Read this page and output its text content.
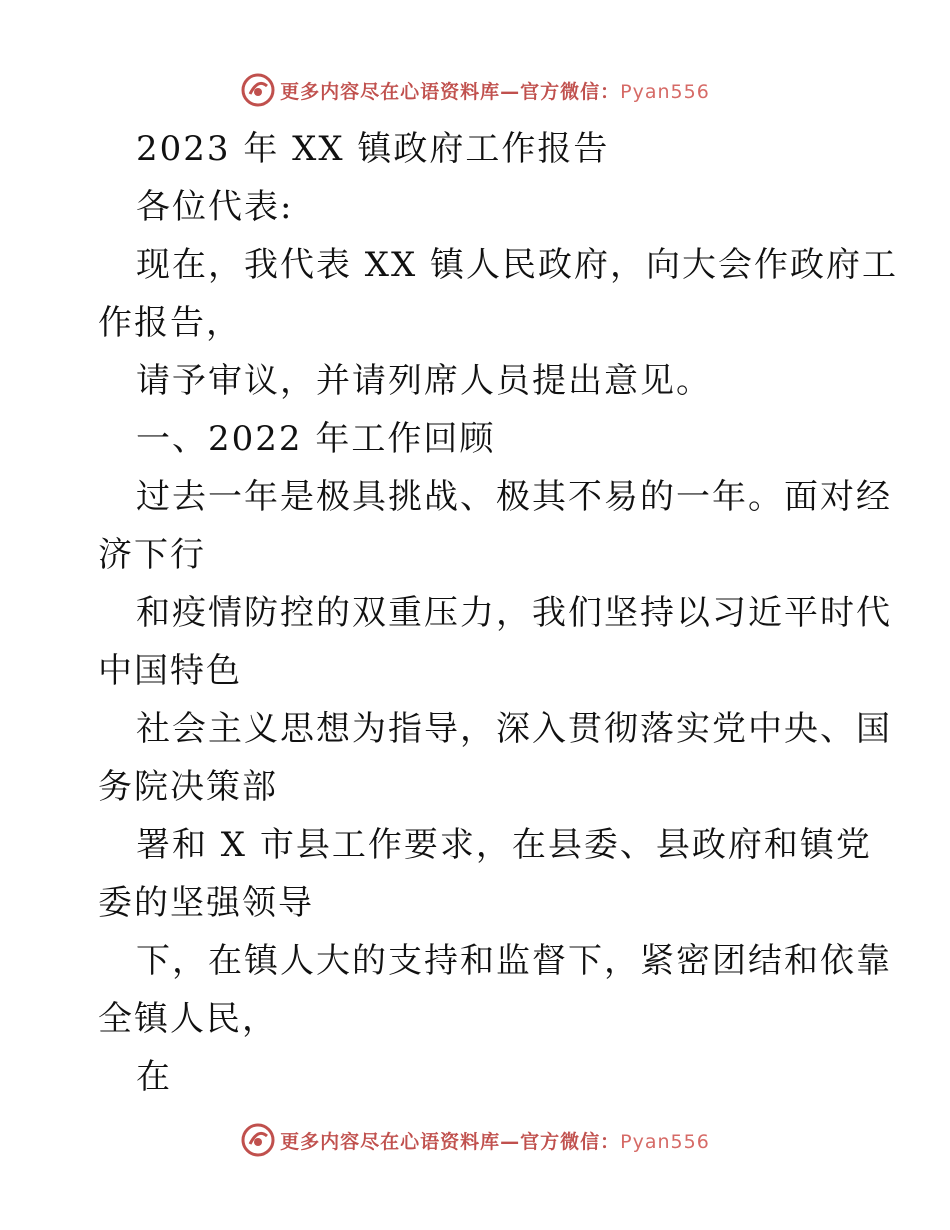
更多内容尽在心语资料库—官方微信：Pyan556
2023 年 XX 镇政府工作报告
各位代表:
现在，我代表 XX 镇人民政府，向大会作政府工
作报告，
请予审议，并请列席人员提出意见。
一、2022 年工作回顾
过去一年是极具挑战、极其不易的一年。面对经
济下行
和疫情防控的双重压力，我们坚持以习近平时代
中国特色
社会主义思想为指导，深入贯彻落实党中央、国
务院决策部
署和 X 市县工作要求，在县委、县政府和镇党
委的坚强领导
下，在镇人大的支持和监督下，紧密团结和依靠
全镇人民，
在
更多内容尽在心语资料库—官方微信：Pyan556
